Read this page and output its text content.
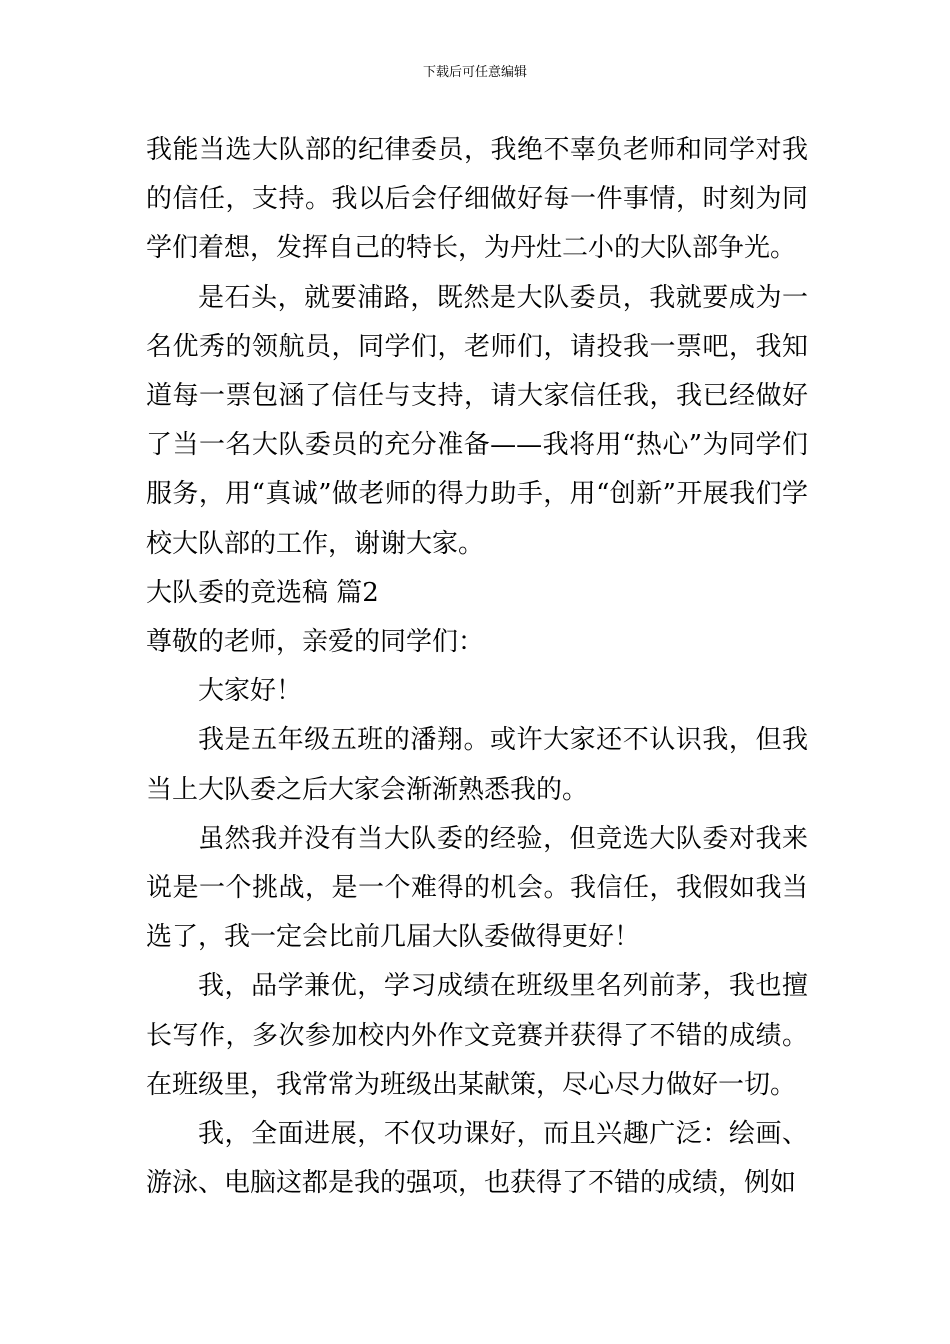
下载后可任意编辑

我能当选大队部的纪律委员，我绝不辜负老师和同学对我的信任，支持。我以后会仔细做好每一件事情，时刻为同学们着想，发挥自己的特长，为丹灶二小的大队部争光。

是石头，就要浦路，既然是大队委员，我就要成为一名优秀的领航员，同学们，老师们，请投我一票吧，我知道每一票包涵了信任与支持，请大家信任我，我已经做好了当一名大队委员的充分准备——我将用“热心”为同学们服务，用“真诚”做老师的得力助手，用“创新”开展我们学校大队部的工作，谢谢大家。

大队委的竞选稿 篇2

尊敬的老师，亲爱的同学们：

大家好！

我是五年级五班的潘翔。或许大家还不认识我，但我当上大队委之后大家会渐渐熟悉我的。

虽然我并没有当大队委的经验，但竞选大队委对我来说是一个挑战，是一个难得的机会。我信任，我假如我当选了，我一定会比前几届大队委做得更好！

我，品学兼优，学习成绩在班级里名列前茅，我也擅长写作，多次参加校内外作文竞赛并获得了不错的成绩。在班级里，我常常为班级出某献策，尽心尽力做好一切。

我，全面进展，不仅功课好，而且兴趣广泛：绘画、游泳、电脑这都是我的强项，也获得了不错的成绩，例如
